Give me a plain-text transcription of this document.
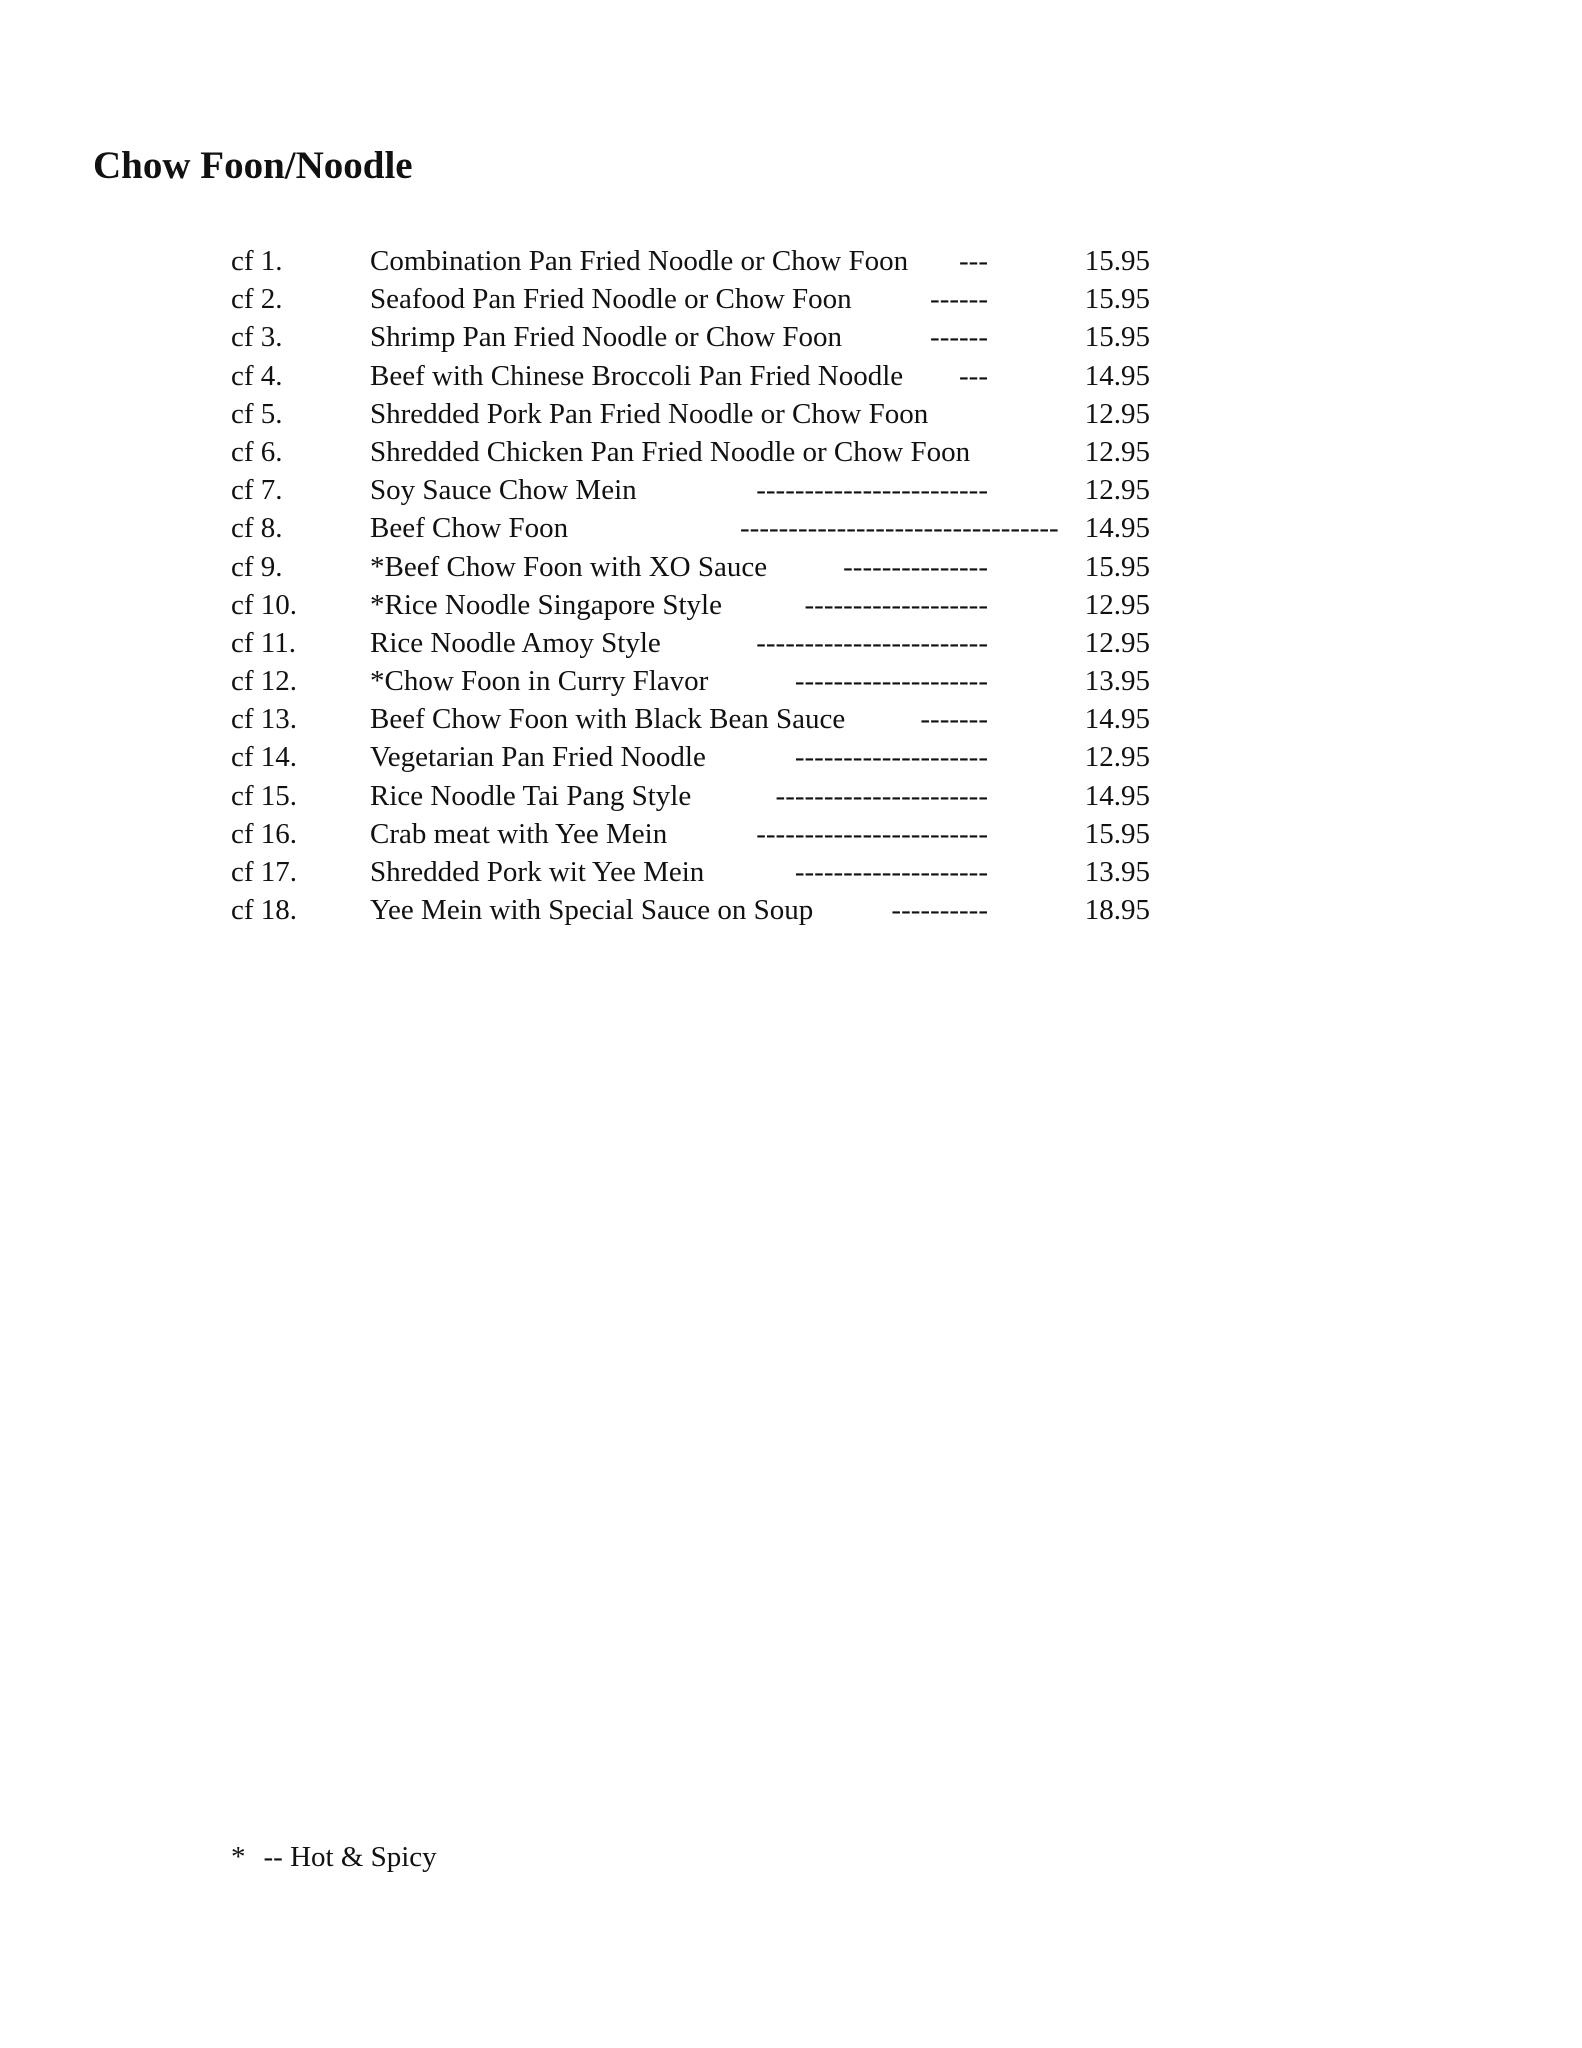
Chow Foon/Noodle
cf 1.	Combination Pan Fried Noodle or Chow Foon	---	15.95
cf 2.	Seafood Pan Fried Noodle or Chow Foon	------	15.95
cf 3.	Shrimp Pan Fried Noodle or Chow Foon	------	15.95
cf 4.	Beef with Chinese Broccoli Pan Fried Noodle	---	14.95
cf 5.	Shredded Pork Pan Fried Noodle or Chow Foon	12.95
cf 6.	Shredded Chicken Pan Fried Noodle or Chow Foon	12.95
cf 7.	Soy Sauce Chow Mein	------------------------	12.95
cf 8.	Beef Chow Foon	--------------------------------- 14.95
cf 9.	*Beef Chow Foon with XO Sauce	---------------	15.95
cf 10.	*Rice Noodle Singapore Style	-------------------	12.95
cf 11.	Rice Noodle Amoy Style	------------------------	12.95
cf 12.	*Chow Foon in Curry Flavor	--------------------	13.95
cf 13.	Beef Chow Foon with Black Bean Sauce	-------	14.95
cf 14.	Vegetarian Pan Fried Noodle	--------------------	12.95
cf 15.	Rice Noodle Tai Pang Style	----------------------	14.95
cf 16.	Crab meat with Yee Mein	------------------------	15.95
cf 17.	Shredded Pork wit Yee Mein	--------------------	13.95
cf 18.	Yee Mein with Special Sauce on Soup	----------	18.95
* -- Hot & Spicy
